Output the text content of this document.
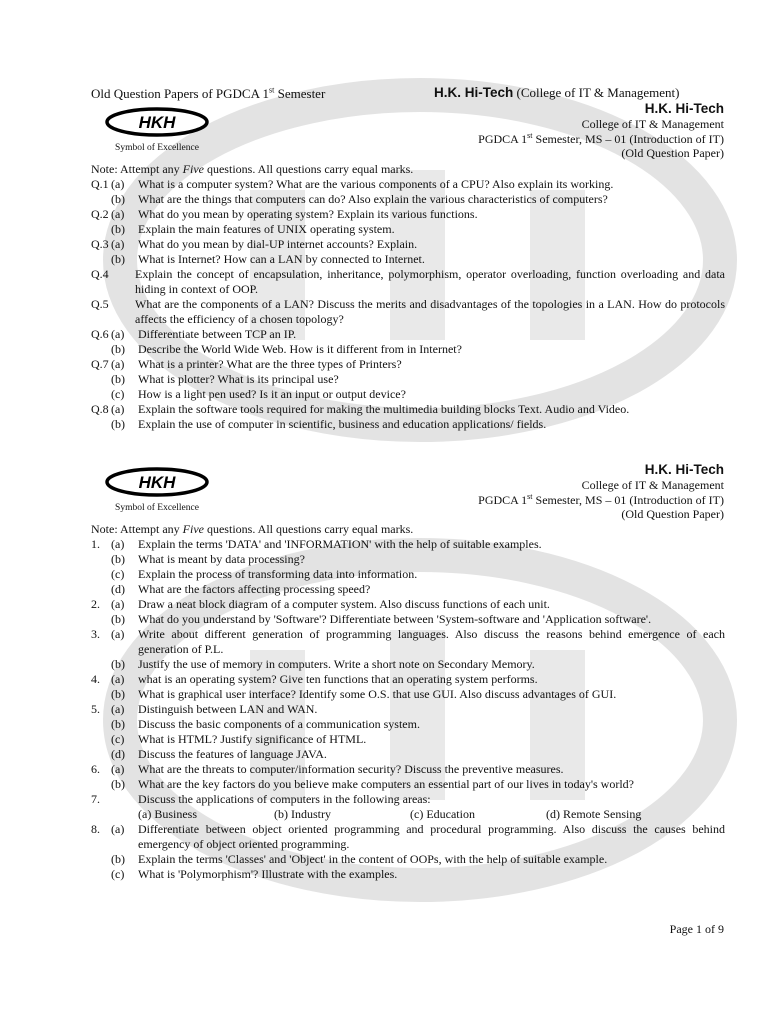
Old Question Papers of PGDCA 1st Semester	H.K. Hi-Tech (College of IT & Management)
HKH
Symbol of Excellence
H.K. Hi-Tech
College of IT & Management
PGDCA 1st Semester, MS – 01 (Introduction of IT)
(Old Question Paper)
Note: Attempt any Five questions. All questions carry equal marks.
Q.1 (a)	What is a computer system? What are the various components of a CPU? Also explain its working.
(b)	What are the things that computers can do? Also explain the various characteristics of computers?
Q.2 (a)	What do you mean by operating system? Explain its various functions.
(b)	Explain the main features of UNIX operating system.
Q.3 (a)	What do you mean by dial-UP internet accounts? Explain.
(b)	What is Internet? How can a LAN by connected to Internet.
Q.4	Explain the concept of encapsulation, inheritance, polymorphism, operator overloading, function overloading and data hiding in context of OOP.
Q.5	What are the components of a LAN? Discuss the merits and disadvantages of the topologies in a LAN. How do protocols affects the efficiency of a chosen topology?
Q.6 (a)	Differentiate between TCP an IP.
(b)	Describe the World Wide Web. How is it different from in Internet?
Q.7 (a)	What is a printer? What are the three types of Printers?
(b)	What is plotter? What is its principal use?
(c)	How is a light pen used? Is it an input or output device?
Q.8 (a)	Explain the software tools required for making the multimedia building blocks Text. Audio and Video.
(b)	Explain the use of computer in scientific, business and education applications/ fields.
HKH
Symbol of Excellence
H.K. Hi-Tech
College of IT & Management
PGDCA 1st Semester, MS – 01 (Introduction of IT)
(Old Question Paper)
Note: Attempt any Five questions. All questions carry equal marks.
1. (a)	Explain the terms 'DATA' and 'INFORMATION' with the help of suitable examples.
(b)	What is meant by data processing?
(c)	Explain the process of transforming data into information.
(d)	What are the factors affecting processing speed?
2. (a)	Draw a neat block diagram of a computer system. Also discuss functions of each unit.
(b)	What do you understand by 'Software'? Differentiate between 'System-software and 'Application software'.
3. (a)	Write about different generation of programming languages. Also discuss the reasons behind emergence of each generation of P.L.
(b)	Justify the use of memory in computers. Write a short note on Secondary Memory.
4. (a)	what is an operating system? Give ten functions that an operating system performs.
(b)	What is graphical user interface? Identify some O.S. that use GUI. Also discuss advantages of GUI.
5. (a)	Distinguish between LAN and WAN.
(b)	Discuss the basic components of a communication system.
(c)	What is HTML? Justify significance of HTML.
(d)	Discuss the features of language JAVA.
6. (a)	What are the threats to computer/information security? Discuss the preventive measures.
(b)	What are the key factors do you believe make computers an essential part of our lives in today's world?
7.	Discuss the applications of computers in the following areas:
(a) Business	(b) Industry	(c) Education	(d) Remote Sensing
8. (a)	Differentiate between object oriented programming and procedural programming. Also discuss the causes behind emergency of object oriented programming.
(b)	Explain the terms 'Classes' and 'Object' in the content of OOPs, with the help of suitable example.
(c)	What is 'Polymorphism'? Illustrate with the examples.
Page 1 of 9
